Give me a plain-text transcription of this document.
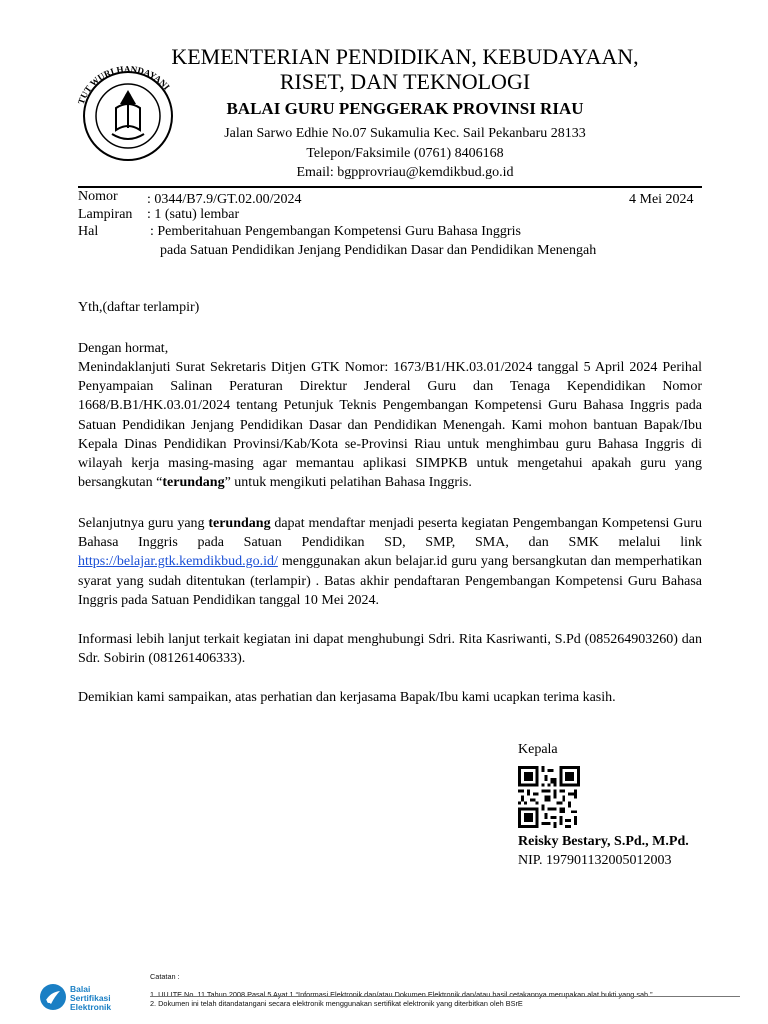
TUT WURI HANDAYANI
KEMENTERIAN PENDIDIKAN, KEBUDAYAAN,
RISET, DAN TEKNOLOGI
BALAI GURU PENGGERAK PROVINSI RIAU
Jalan Sarwo Edhie No.07 Sukamulia Kec. Sail Pekanbaru 28133
Telepon/Faksimile (0761) 8406168
Email: bgpprovriau@kemdikbud.go.id
Nomor : 0344/B7.9/GT.02.00/2024	4 Mei 2024
Lampiran : 1 (satu) lembar
Hal	: Pemberitahuan Pengembangan Kompetensi Guru Bahasa Inggris
pada Satuan Pendidikan Jenjang Pendidikan Dasar dan Pendidikan Menengah
Yth,(daftar terlampir)
Dengan hormat,

Menindaklanjuti Surat Sekretaris Ditjen GTK Nomor: 1673/B1/HK.03.01/2024 tanggal 5 April 2024 Perihal Penyampaian Salinan Peraturan Direktur Jenderal Guru dan Tenaga Kependidikan Nomor 1668/B.B1/HK.03.01/2024 tentang Petunjuk Teknis Pengembangan Kompetensi Guru Bahasa Inggris pada Satuan Pendidikan Jenjang Pendidikan Dasar dan Pendidikan Menengah. Kami mohon bantuan Bapak/Ibu Kepala Dinas Pendidikan Provinsi/Kab/Kota se-Provinsi Riau untuk menghimbau guru Bahasa Inggris di wilayah kerja masing-masing agar memantau aplikasi SIMPKB untuk mengetahui apakah guru yang bersangkutan “terundang” untuk mengikuti pelatihan Bahasa Inggris.

Selanjutnya guru yang terundang dapat mendaftar menjadi peserta kegiatan Pengembangan Kompetensi Guru Bahasa Inggris pada Satuan Pendidikan SD, SMP, SMA, dan SMK melalui link https://belajar.gtk.kemdikbud.go.id/ menggunakan akun belajar.id guru yang bersangkutan dan memperhatikan syarat yang sudah ditentukan (terlampir) . Batas akhir pendaftaran Pengembangan Kompetensi Guru Bahasa Inggris pada Satuan Pendidikan tanggal 10 Mei 2024.

Informasi lebih lanjut terkait kegiatan ini dapat menghubungi Sdri. Rita Kasriwanti, S.Pd (085264903260) dan Sdr. Sobirin (081261406333).
Demikian kami sampaikan, atas perhatian dan kerjasama Bapak/Ibu kami ucapkan terima kasih.
Kepala
Reisky Bestary, S.Pd., M.Pd.
NIP. 197901132005012003
Balai
Sertifikasi
Elektronik
Catatan :
1. UU ITE No. 11 Tahun 2008 Pasal 5 Ayat 1 “Informasi Elektronik dan/atau Dokumen Elektronik dan/atau hasil cetakannya merupakan alat bukti yang sah.”
2. Dokumen ini telah ditandatangani secara elektronik menggunakan sertifikat elektronik yang diterbitkan oleh BSrE
